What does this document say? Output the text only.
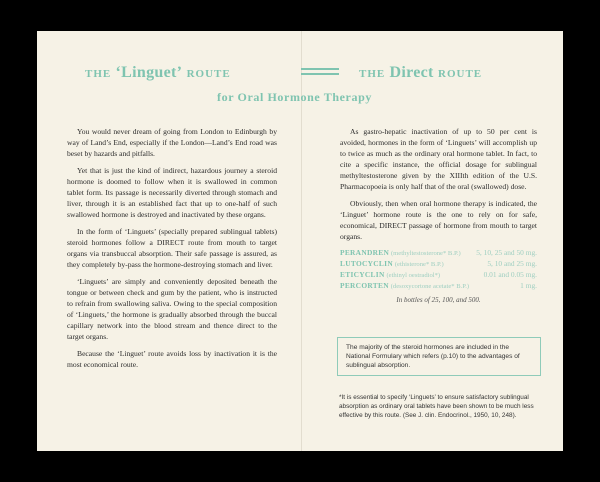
THE ‘Linguet’ ROUTE	THE Direct ROUTE
for Oral Hormone Therapy

You would never dream of going from London to Edinburgh by way of Land’s End, especially if the London—Land’s End road was beset by hazards and pitfalls.

Yet that is just the kind of indirect, hazardous journey a steroid hormone is doomed to follow when it is swallowed in common tablet form. Its passage is necessarily diverted through stomach and liver, through it is an established fact that up to one-half of such swallowed hormone is destroyed and inactivated by these organs.

In the form of ‘Linguets’ (specially prepared sublingual tablets) steroid hormones follow a DIRECT route from mouth to target organs via transbuccal absorption. Their safe passage is assured, as they completely by-pass the hormone-destroying stomach and liver.

‘Linguets’ are simply and conveniently deposited beneath the tongue or between check and gum by the patient, who is instructed to refrain from swallowing saliva. Owing to the special composition of ‘Linguets,’ the hormone is gradually absorbed through the buccal capillary network into the blood stream and thence direct to the target organs.

Because the ‘Linguet’ route avoids loss by inactivation it is the most economical route.

As gastro-hepatic inactivation of up to 50 per cent is avoided, hormones in the form of ‘Linguets’ will accomplish up to twice as much as the ordinary oral hormone tablet. In fact, to cite a specific instance, the official dosage for sublingual methyltestosterone given by the XIIIth edition of the U.S. Pharmacopoeia is only half that of the oral (swallowed) dose.

Obviously, then when oral hormone therapy is indicated, the ‘Linguet’ hormone route is the one to rely on for safe, economical, DIRECT passage of hormone from mouth to target organs.

PERANDREN (methyltestosterone* B.P.) 5, 10, 25 and 50 mg.
LUTOCYCLIN (ethisterone* B.P.)	5, 10 and 25 mg.
ETICYCLIN (ethinyl oestradiol*)	0.01 and 0.05 mg.
PERCORTEN (desoxycortone acetate* B.P.)	1 mg.
In bottles of 25, 100, and 500.
The majority of the steroid hormones are included in the National Formulary which refers (p.10) to the advantages of sublingual absorption.
*It is essential to specify ‘Linguets’ to ensure satisfactory sublingual absorption as ordinary oral tablets have been shown to be much less effective by this route. (See J. clin. Endocrinol., 1950, 10, 248).
